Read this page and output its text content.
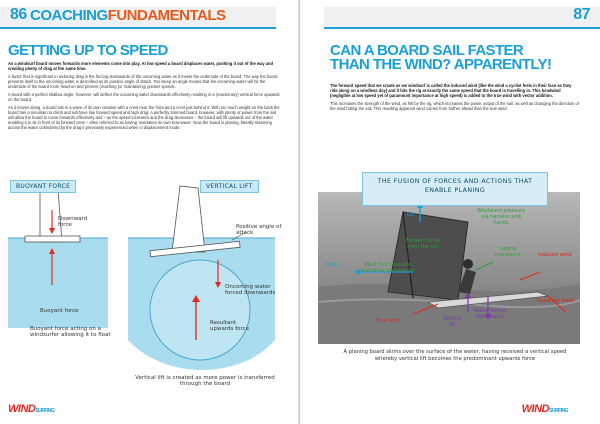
86 COACHINGFUNDAMENTALS
GETTING UP TO SPEED

As a windsurf board moves forwards more elements come into play. At low speed a board displaces water, pushing it out of the way and creating plenty of drag at the same time.

A factor that is significant in reducing drag is the forcing downwards of the oncoming water as it meets the underside of the board. The way the board presents itself to the oncoming water is described as its positive angle of attack. Too steep an angle means that the oncoming water will hit the underside of the board more head-on and prevent (reaching (or maintaining) greater speeds.

A board with a perfect shallow angle, however, will deflect the oncoming water downwards effectively resulting in a (reactionary) vertical force upwards on the board.

As it moves along, a board sits in a wave of its own creation with a crest near the front and a crest just behind it. With too much weight on the back the board has a mountain to climb and will have low forward speed and high drag. A perfectly trimmed board, however, with plenty of power from the sail will allow the board to move forwards effectively and – as the speed increases and the drag decreases – the board will lift upwards out of the water enabling it to sit in front of its forward crest – often referred to as having 'overtaken its own bow-wave'. Now the board is planing, literally skimming across the water unhindered by the drag it previously experienced when in displacement mode.

BUOYANT FORCE	VERTICAL LIFT
Downward force
Buoyant force
Buoyant force acting on a windsurfer allowing it to float
Positive angle of attack
Oncoming water forced downwards
Resultant upwards force
Vertical lift is created as more power is transferred through the board
WINDSURFING
87
CAN A BOARD SAIL FASTER THAN THE WIND? APPARENTLY!

The forward speed that we create as we windsurf is called the induced wind (like the wind a cyclist feels in their face as they ride along on a windless day) and it hits the rig at exactly the same speed that the board is travelling in. This headwind (negligible at low speed yet of paramount importance at high speed) is added to the true wind with vector addition.

This increases the strength of the wind, as felt by the rig, which increases the power output of the sail, as well as changing the direction of the wind hitting the sail. This resulting apparent wind comes from further ahead than the true wind.

THE FUSION OF FORCES AND ACTIONS THAT ENABLE PLANING
Lift
Windward pressure via harness and hands
Forward drive from the sail	Lateral resistance	Induced wind
Drag	Mast foot pressure and drive from the fin
True wind	Vertical lift
Water forced downwards
Apparent wind
A planing board skims over the surface of the water, having received a vertical speed whereby vertical lift becomes the predominant upwards force
WINDSURFING
